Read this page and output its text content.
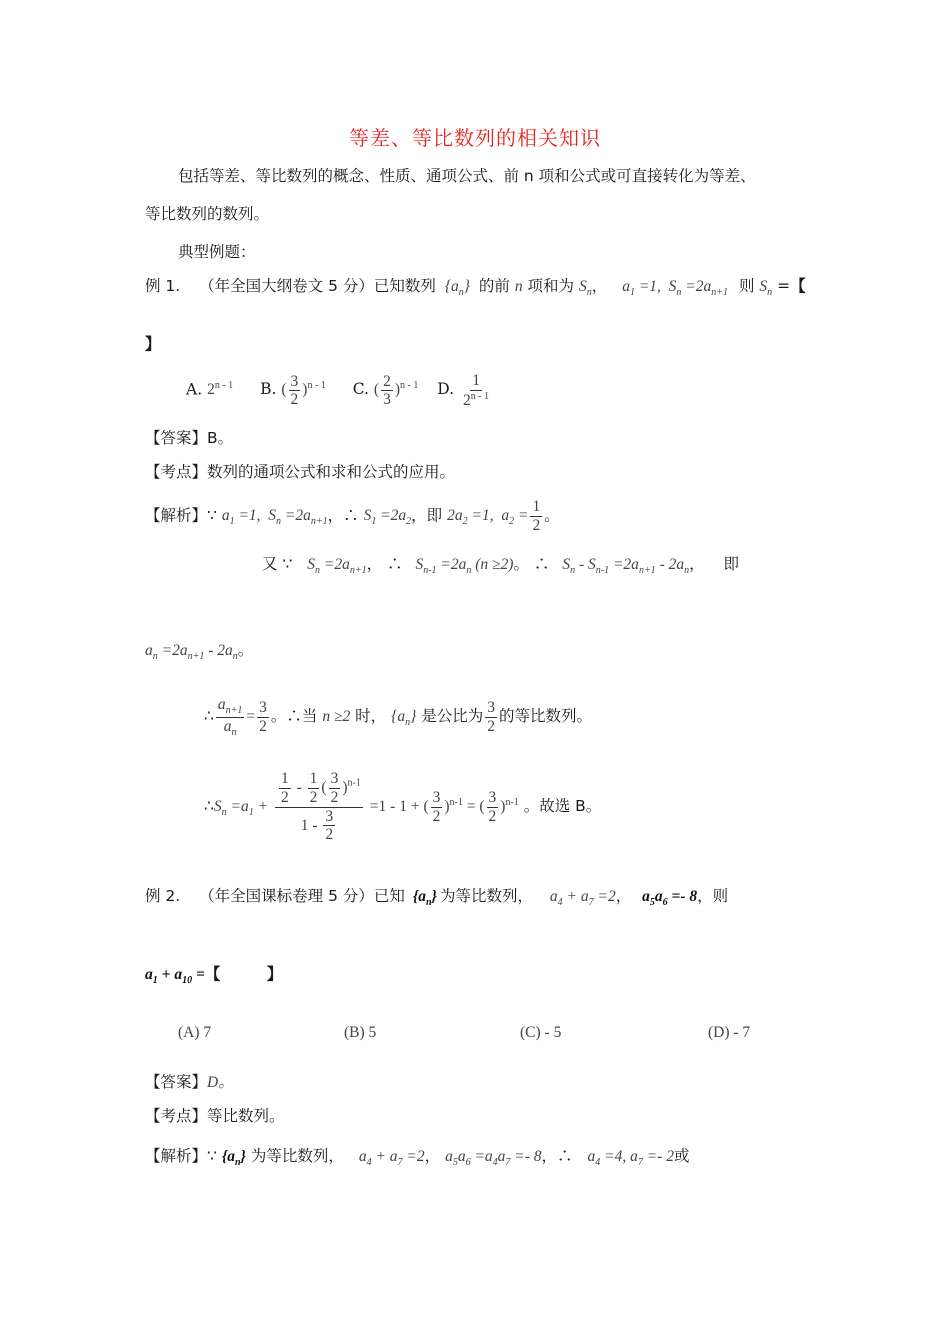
等差、等比数列的相关知识
包括等差、等比数列的概念、性质、通项公式、前 n 项和公式或可直接转化为等差、
等比数列的数列。
典型例题：
例 1. （年全国大纲卷文 5 分）已知数列 $\{a_n\}$ 的前 n 项和为 $S_n$， $a_1 =1$,  $S_n =2a_{n+1}$ 则 $S_n$ =【
】
A. 2$^{n - 1}$ B. ( $\frac{3}{2} )^{n - 1}$ C. ( $\frac{2}{3} )^{n - 1}$ D. $\frac{1}{2^{n - 1}}$
【答案】B。
【考点】数列的通项公式和求和公式的应用。
【解析】∵ $a_1 =1$,  $S_n =2a_{n+1}$，∴ $S_1 =2a_2$，即 $2a_2 =1$,  $a_2 = \frac{1}{2}$ 。
又 ∵ $S_n =2a_{n+1}$， ∴ $S_{n-1} =2a_n$ (n ≥2)。 ∴ $S_n - S_{n-1} =2a_{n+1} - 2a_n$， 即
$a_n =2a_{n+1} - 2a_n$。
∴ $\frac{a_{n+1}}{a_n} = \frac{3}{2}$ 。∴当 n ≥2 时， $\{a_n\}$ 是公比为 $\frac{3}{2}$ 的等比数列。
$\therefore S_n =a_1 + \frac{\frac{1}{2} - \frac{1}{2} ( \frac{3}{2} )^{n-1}}{1 - \frac{3}{2}} =1 - 1$ + ( $\frac{3}{2} )^{n-1}$ = ( $\frac{3}{2} )^{n-1}$ 。故选 B。
例 2. （年全国课标卷理 5 分）已知 $\{a_n\}$ 为等比数列， $a_4 + a_7 =2$， $a_5a_6 =- 8$，则
$a_1 + a_{10}$ =【　　　】
(A) 7	(B) 5	(C) - 5	(D) - 7
【答案】D。
【考点】等比数列。
【解析】∵ $\{a_n\}$ 为等比数列， $a_4 + a_7 =2$， $a_5a_6 =a_4a_7 =- 8$，∴ $a_4 =4$, $a_7 =- 2$或
